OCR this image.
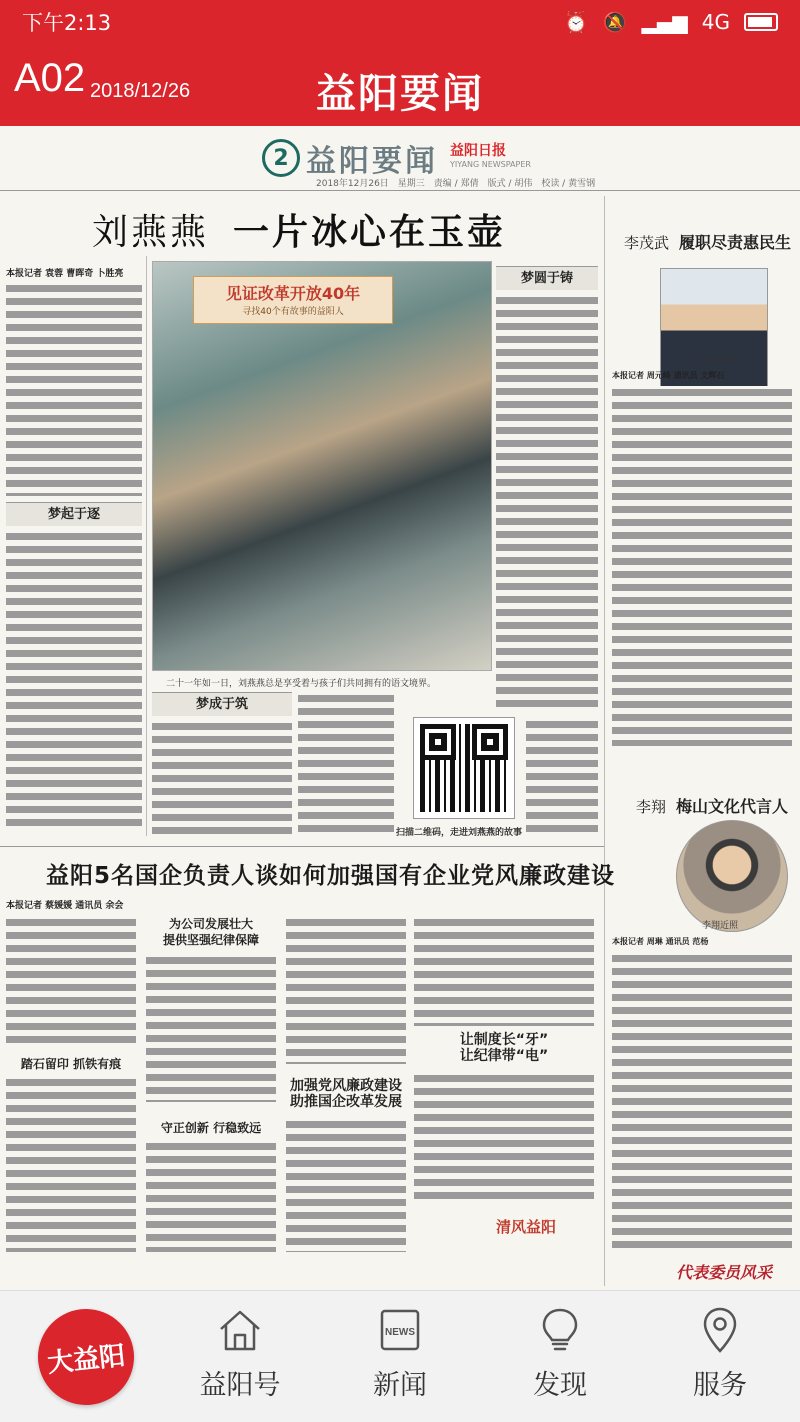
下午2:13	⏰ 🔕 ▂▄▆ 4G
A02 2018/12/26	益阳要闻
2 益阳要闻 益阳日报
YIYANG NEWSPAPER
2018年12月26日　星期三　责编 / 郑倩　版式 / 胡伟　校读 / 黄雪钢
刘燕燕 一片冰心在玉壶
本报记者 袁蓉 曹晖奇 卜胜亮
梦起于逐
见证改革开放40年
寻找40个有故事的益阳人
二十一年如一日，刘燕燕总是享受着与孩子们共同拥有的语文境界。
梦圆于铸
梦成于筑
扫描二维码，走进刘燕燕的故事
李茂武 履职尽责惠民生
李茂武近照
本报记者 周元峰 通讯员 文辉石
李翔 梅山文化代言人
李翔近照
本报记者 周琳 通讯员 范杨
代表委员风采
益阳5名国企负责人谈如何加强国有企业党风廉政建设
本报记者 蔡媛媛 通讯员 余会
踏石留印 抓铁有痕
为公司发展壮大
提供坚强纪律保障
守正创新 行稳致远
加强党风廉政建设
助推国企改革发展
让制度长“牙”
让纪律带“电”
清风益阳
大益阳
益阳号
NEWS
新闻	发现	服务
